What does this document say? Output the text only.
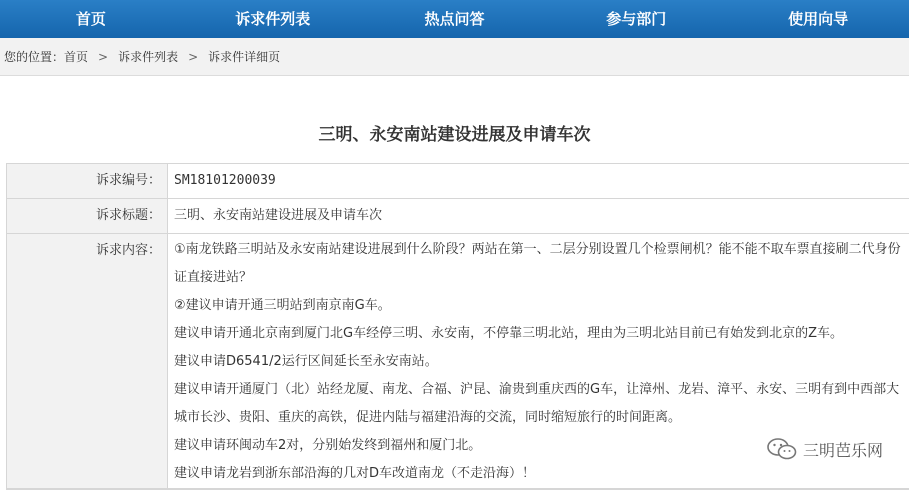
首页	诉求件列表	热点问答	参与部门	使用向导
您的位置： 首页 > 诉求件列表 > 诉求件详细页
三明、永安南站建设进展及申请车次
诉求编号：	SM18101200039
诉求标题：	三明、永安南站建设进展及申请车次
诉求内容：	①南龙铁路三明站及永安南站建设进展到什么阶段？两站在第一、二层分别设置几个检票闸机？能不能不取车票直接刷二代身份证直接进站？

②建议申请开通三明站到南京南G车。

建议申请开通北京南到厦门北G车经停三明、永安南，不停靠三明北站，理由为三明北站目前已有始发到北京的Z车。

建议申请D6541/2运行区间延长至永安南站。

建议申请开通厦门（北）站经龙厦、南龙、合福、沪昆、渝贵到重庆西的G车，让漳州、龙岩、漳平、永安、三明有到中西部大城市长沙、贵阳、重庆的高铁，促进内陆与福建沿海的交流，同时缩短旅行的时间距离。

建议申请环闽动车2对，分别始发终到福州和厦门北。

建议申请龙岩到浙东部沿海的几对D车改道南龙（不走沿海）！

三明芭乐网
